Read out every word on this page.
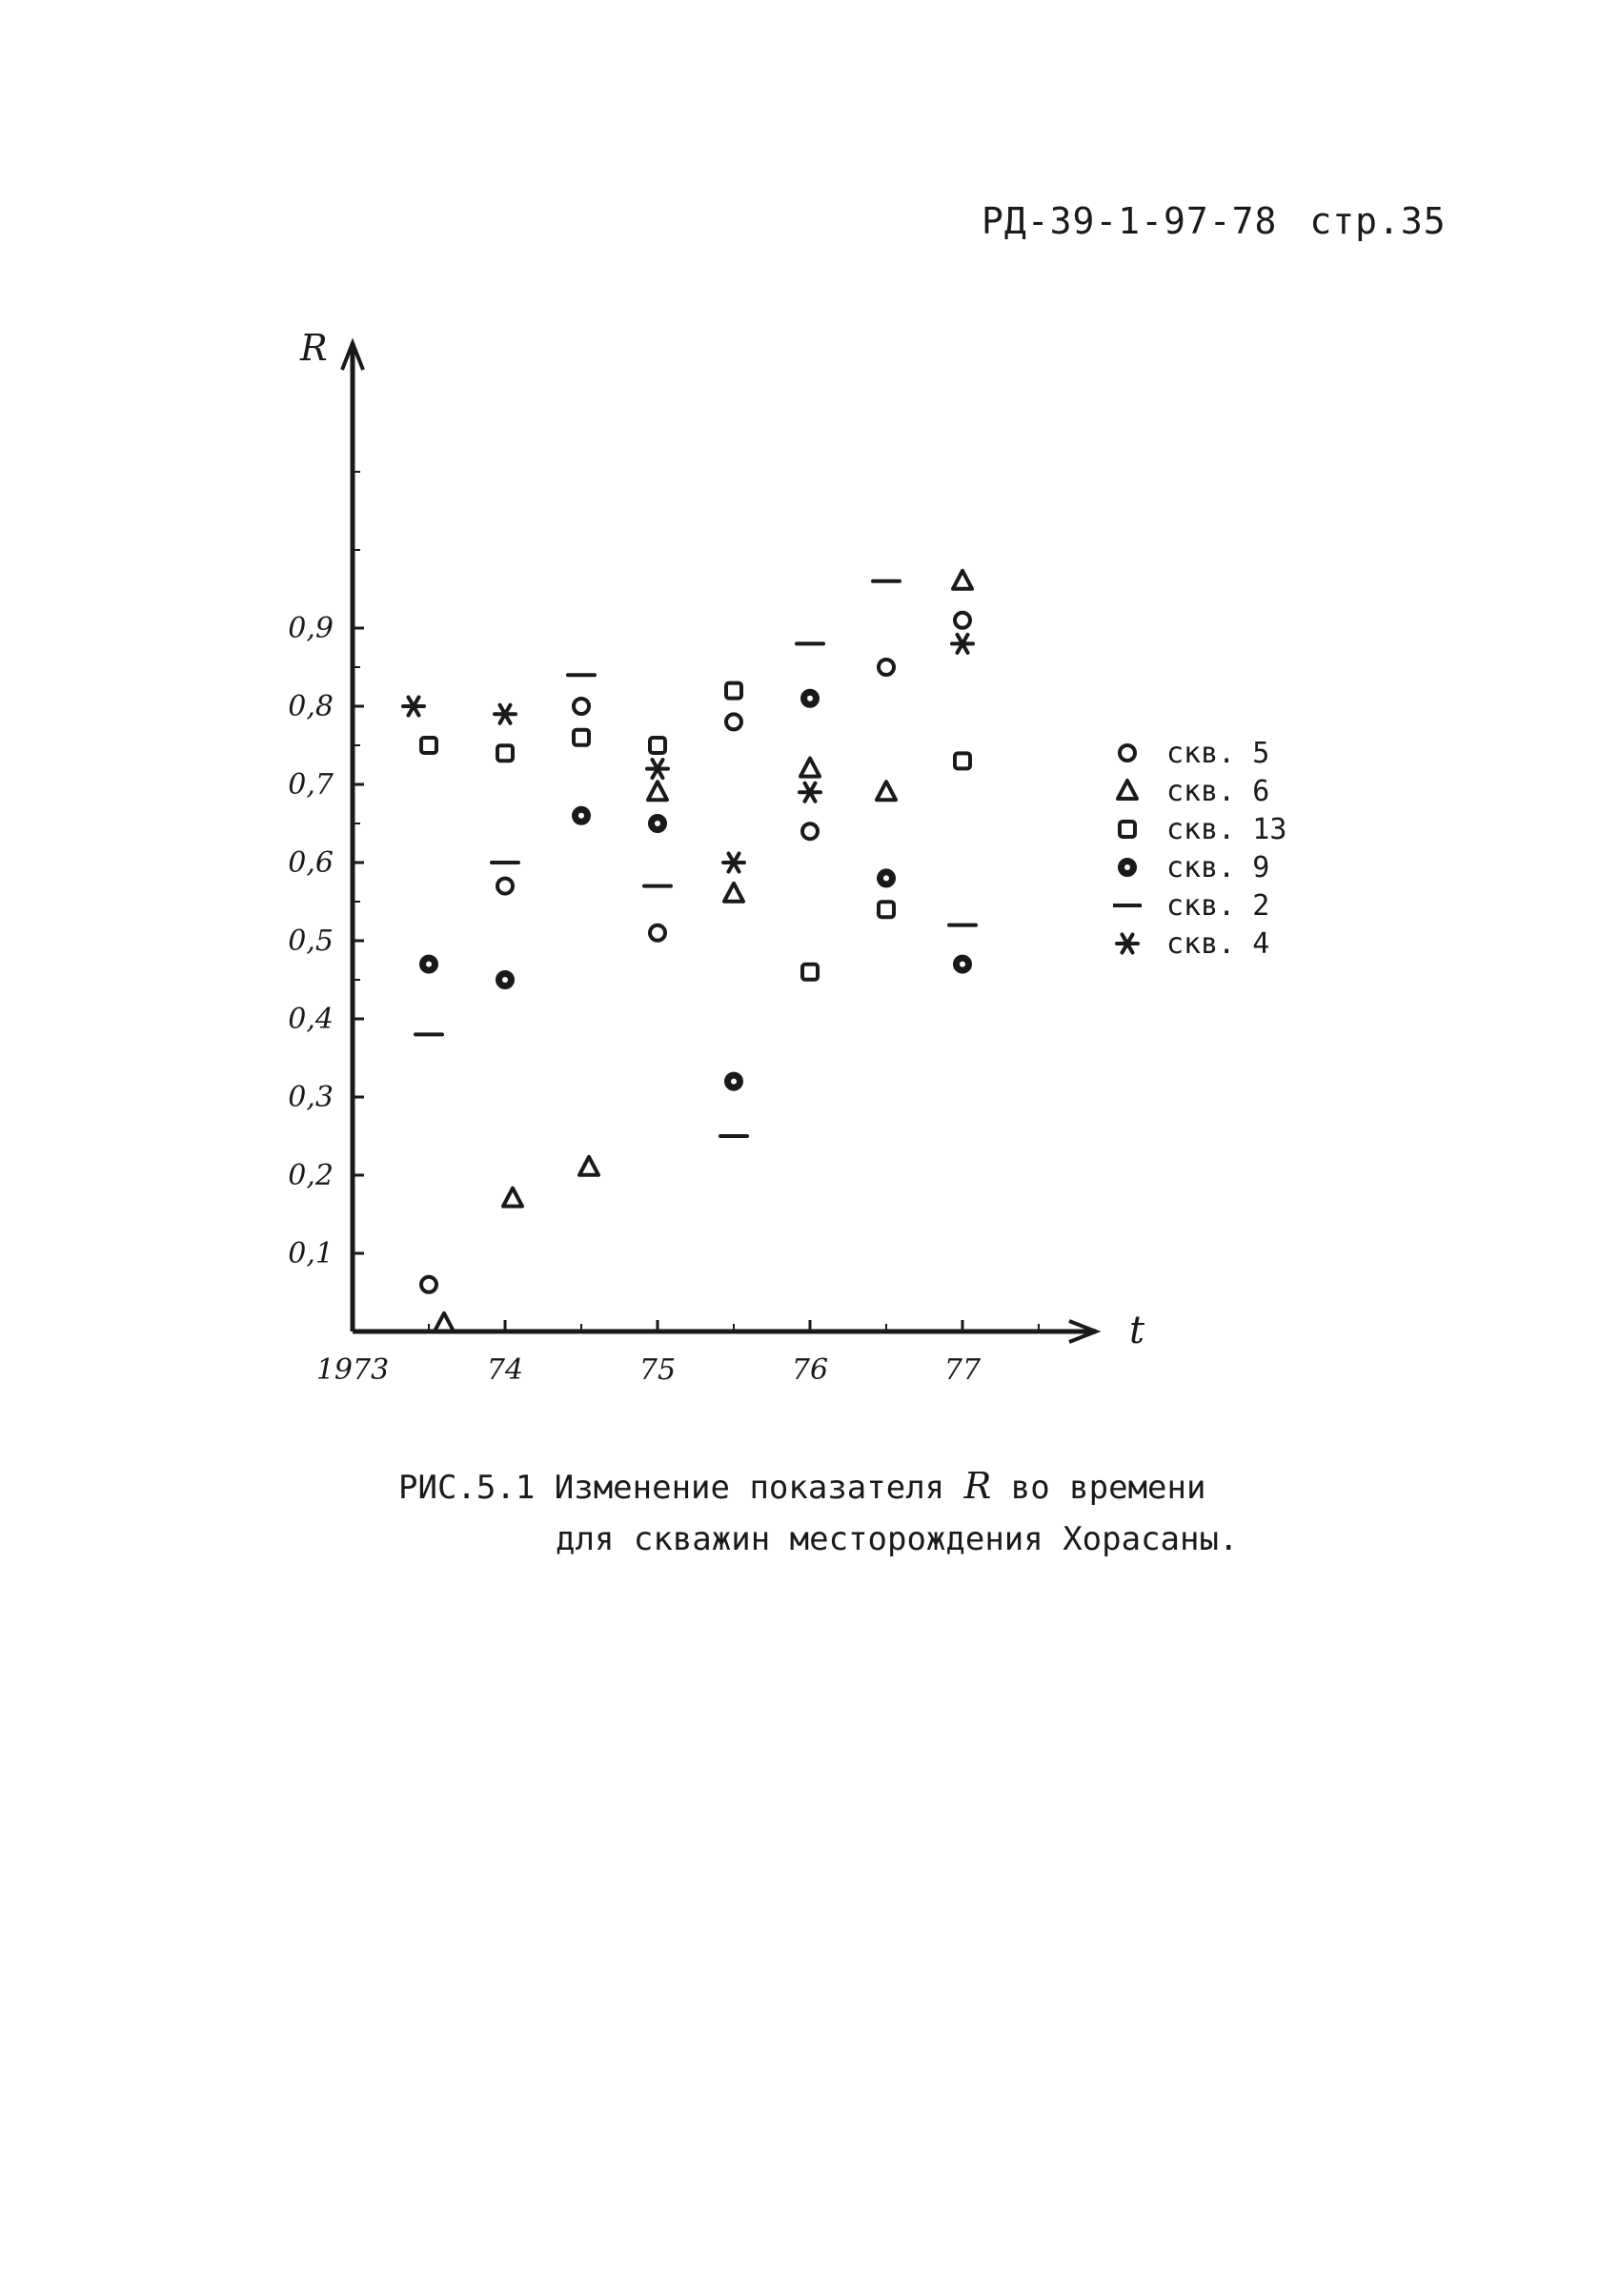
РД-39-1-97-78 стр.35
R
t
0,1
0,2
0,3
0,4
0,5
0,6
0,7
0,8
0,9
1973	74	75	76	77
скв. 5
скв. 6
скв. 13
скв. 9
скв. 2
скв. 4
РИС.5.1 Изменение показателя R во времени
для скважин месторождения Хорасаны.
